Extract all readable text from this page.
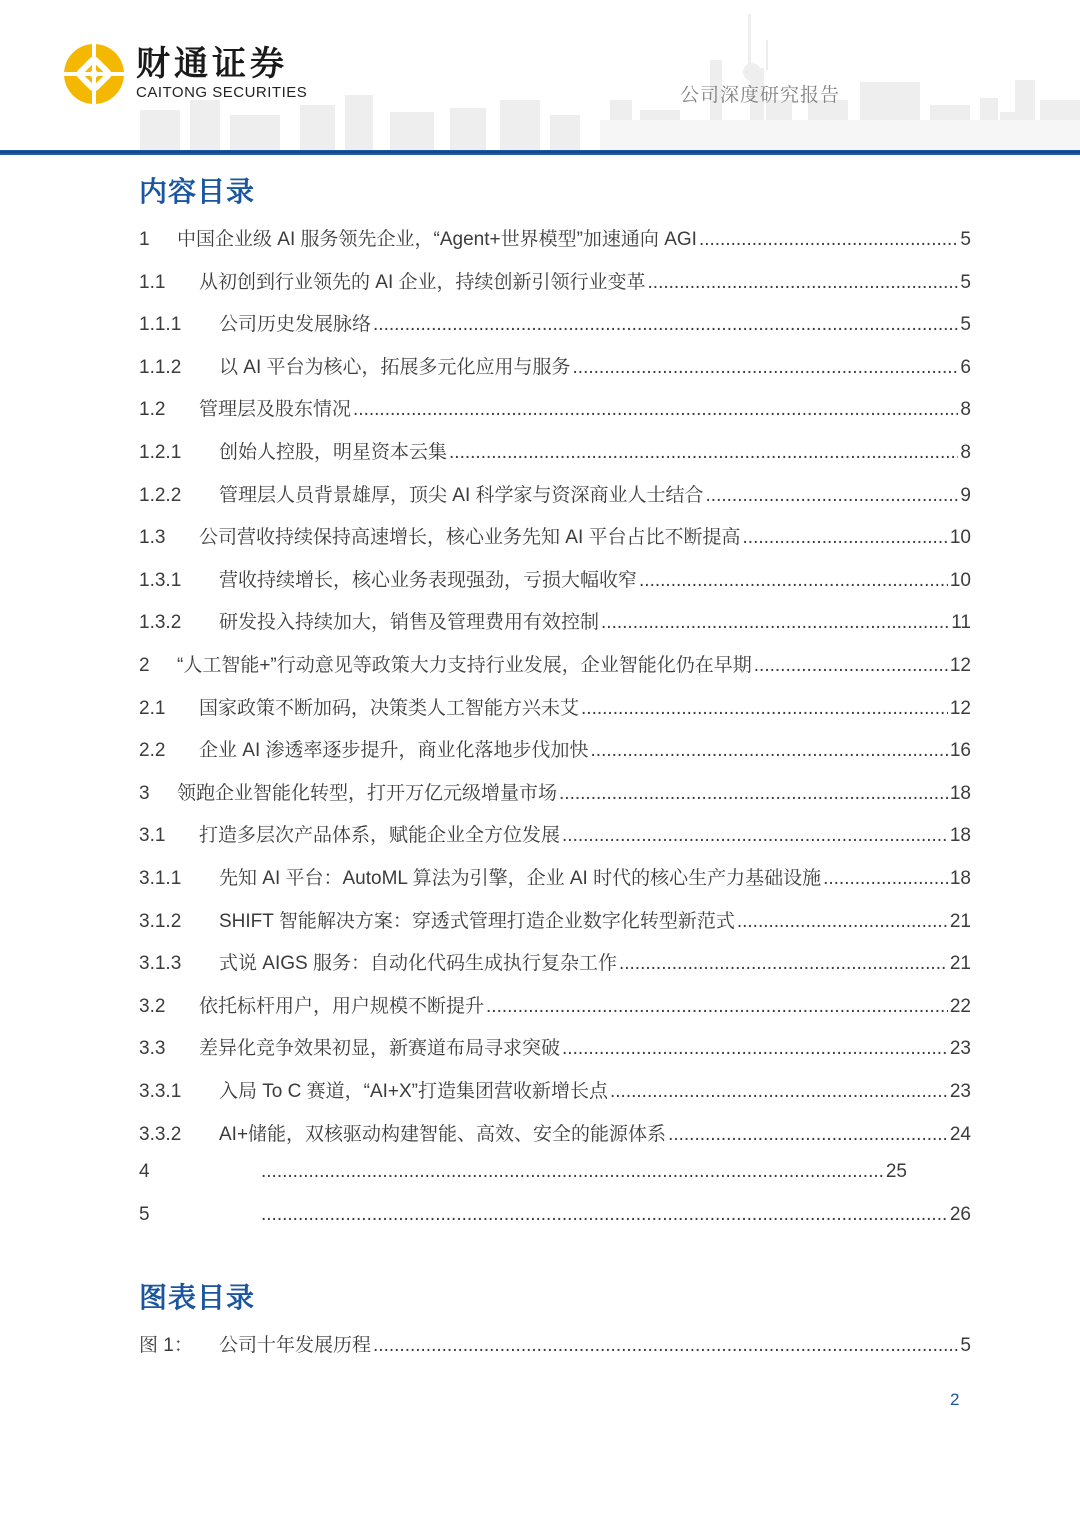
财通证券
CAITONG SECURITIES	公司深度研究报告
内容目录
1	中国企业级 AI 服务领先企业，“Agent+世界模型”加速通向 AGI .....	5
1.1	从初创到行业领先的 AI 企业，持续创新引领行业变革 .....	5
1.1.1	公司历史发展脉络 .....	5
1.1.2	以 AI 平台为核心，拓展多元化应用与服务 .....	6
1.2	管理层及股东情况 .....	8
1.2.1	创始人控股，明星资本云集 .....	8
1.2.2	管理层人员背景雄厚，顶尖 AI 科学家与资深商业人士结合 .....	9
1.3	公司营收持续保持高速增长，核心业务先知 AI 平台占比不断提高 .....	10
1.3.1	营收持续增长，核心业务表现强劲，亏损大幅收窄 .....	10
1.3.2	研发投入持续加大，销售及管理费用有效控制 .....	11
2	“人工智能+”行动意见等政策大力支持行业发展，企业智能化仍在早期 .....	12
2.1	国家政策不断加码，决策类人工智能方兴未艾 .....	12
2.2	企业 AI 渗透率逐步提升，商业化落地步伐加快 .....	16
3	领跑企业智能化转型，打开万亿元级增量市场 .....	18
3.1	打造多层次产品体系，赋能企业全方位发展 .....	18
3.1.1	先知 AI 平台：AutoML 算法为引擎，企业 AI 时代的核心生产力基础设施 .....	18
3.1.2	SHIFT 智能解决方案：穿透式管理打造企业数字化转型新范式 .....	21
3.1.3	式说 AIGS 服务：自动化代码生成执行复杂工作 .....	21
3.2	依托标杆用户，用户规模不断提升 .....	22
3.3	差异化竞争效果初显，新赛道布局寻求突破 .....	23
3.3.1	入局 To C 赛道，“AI+X”打造集团营收新增长点 .....	23
3.3.2	AI+储能，双核驱动构建智能、高效、安全的能源体系 .....	24
4 .....	25
5 .....	26
图表目录
图 1：	公司十年发展历程 .....	5
2
